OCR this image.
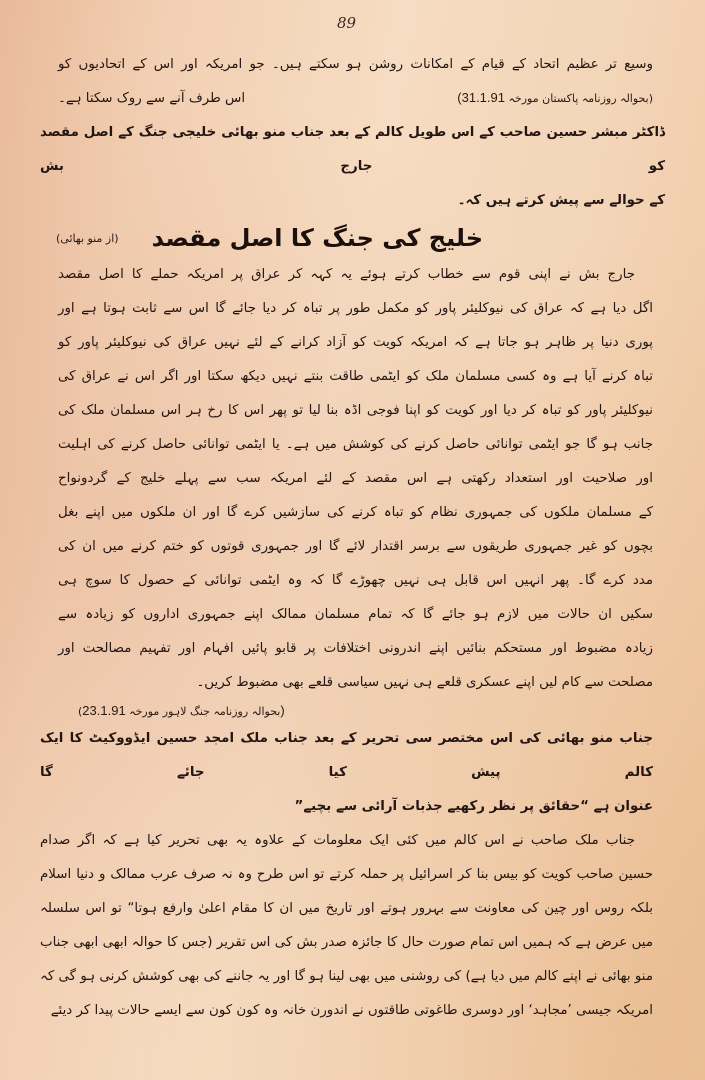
89
وسیع تر عظیم اتحاد کے قیام کے امکانات روشن ہو سکتے ہیں۔ جو امریکہ اور اس کے اتحادیوں کو
اس طرف آنے سے روک سکتا ہے۔	(بحوالہ روزنامہ پاکستان مورخہ 31.1.91)
ڈاکٹر مبشر حسین صاحب کے اس طویل کالم کے بعد جناب منو بھائی خلیجی جنگ کے اصل مقصد کو جارج بش
کے حوالے سے پیش کرتے ہیں کہ۔
خلیج کی جنگ کا اصل مقصد
(از منو بھائی)
جارج بش نے اپنی قوم سے خطاب کرتے ہوئے یہ کہہ کر عراق پر امریکہ حملے کا اصل مقصد
اگل دیا ہے کہ عراق کی نیوکلیئر پاور کو مکمل طور پر تباہ کر دیا جائے گا اس سے ثابت ہوتا ہے اور
پوری دنیا پر ظاہر ہو جاتا ہے کہ امریکہ کویت کو آزاد کرانے کے لئے نہیں عراق کی نیوکلیئر پاور کو
تباہ کرنے آیا ہے وہ کسی مسلمان ملک کو ایٹمی طاقت بنتے نہیں دیکھ سکتا اور اگر اس نے عراق کی
نیوکلیئر پاور کو تباہ کر دیا اور کویت کو اپنا فوجی اڈہ بنا لیا تو پھر اس کا رخ ہر اس مسلمان ملک کی
جانب ہو گا جو ایٹمی توانائی حاصل کرنے کی کوشش میں ہے۔ یا ایٹمی توانائی حاصل کرنے کی اہلیت
اور صلاحیت اور استعداد رکھتی ہے اس مقصد کے لئے امریکہ سب سے پہلے خلیج کے گردونواح
کے مسلمان ملکوں کی جمہوری نظام کو تباہ کرنے کی سازشیں کرے گا اور ان ملکوں میں اپنے بغل
بچوں کو غیر جمہوری طریقوں سے برسر اقتدار لائے گا اور جمہوری قوتوں کو ختم کرنے میں ان کی
مدد کرے گا۔ پھر انہیں اس قابل ہی نہیں چھوڑے گا کہ وہ ایٹمی توانائی کے حصول کا سوچ ہی
سکیں ان حالات میں لازم ہو جائے گا کہ تمام مسلمان ممالک اپنے جمہوری اداروں کو زیادہ سے
زیادہ مضبوط اور مستحکم بنائیں اپنے اندرونی اختلافات پر قابو پائیں افہام اور تفہیم مصالحت اور
مصلحت سے کام لیں اپنے عسکری قلعے ہی نہیں سیاسی قلعے بھی مضبوط کریں۔
(بحوالہ روزنامہ جنگ لاہور مورخہ 23.1.91)
جناب منو بھائی کی اس مختصر سی تحریر کے بعد جناب ملک امجد حسین ایڈووکیٹ کا ایک کالم پیش کیا جائے گا
عنوان ہے “حقائق پر نظر رکھیے جذبات آرائی سے بچیے”
جناب ملک صاحب نے اس کالم میں کئی ایک معلومات کے علاوہ یہ بھی تحریر کیا ہے کہ اگر صدام
حسین صاحب کویت کو بیس بنا کر اسرائیل پر حملہ کرتے تو اس طرح وہ نہ صرف عرب ممالک و دنیا اسلام
بلکہ روس اور چین کی معاونت سے بہرور ہوتے اور تاریخ میں ان کا مقام اعلیٰ وارفع ہوتا“ تو اس سلسلہ
میں عرض ہے کہ ہمیں اس تمام صورت حال کا جائزہ صدر بش کی اس تقریر (جس کا حوالہ ابھی ابھی جناب
منو بھائی نے اپنے کالم میں دیا ہے) کی روشنی میں بھی لینا ہو گا اور یہ جاننے کی بھی کوشش کرنی ہو گی کہ
امریکہ جیسی ’مجاہد‘ اور دوسری طاغوتی طاقتوں نے اندورن خانہ وہ کون کون سے ایسے حالات پیدا کر دیئے
